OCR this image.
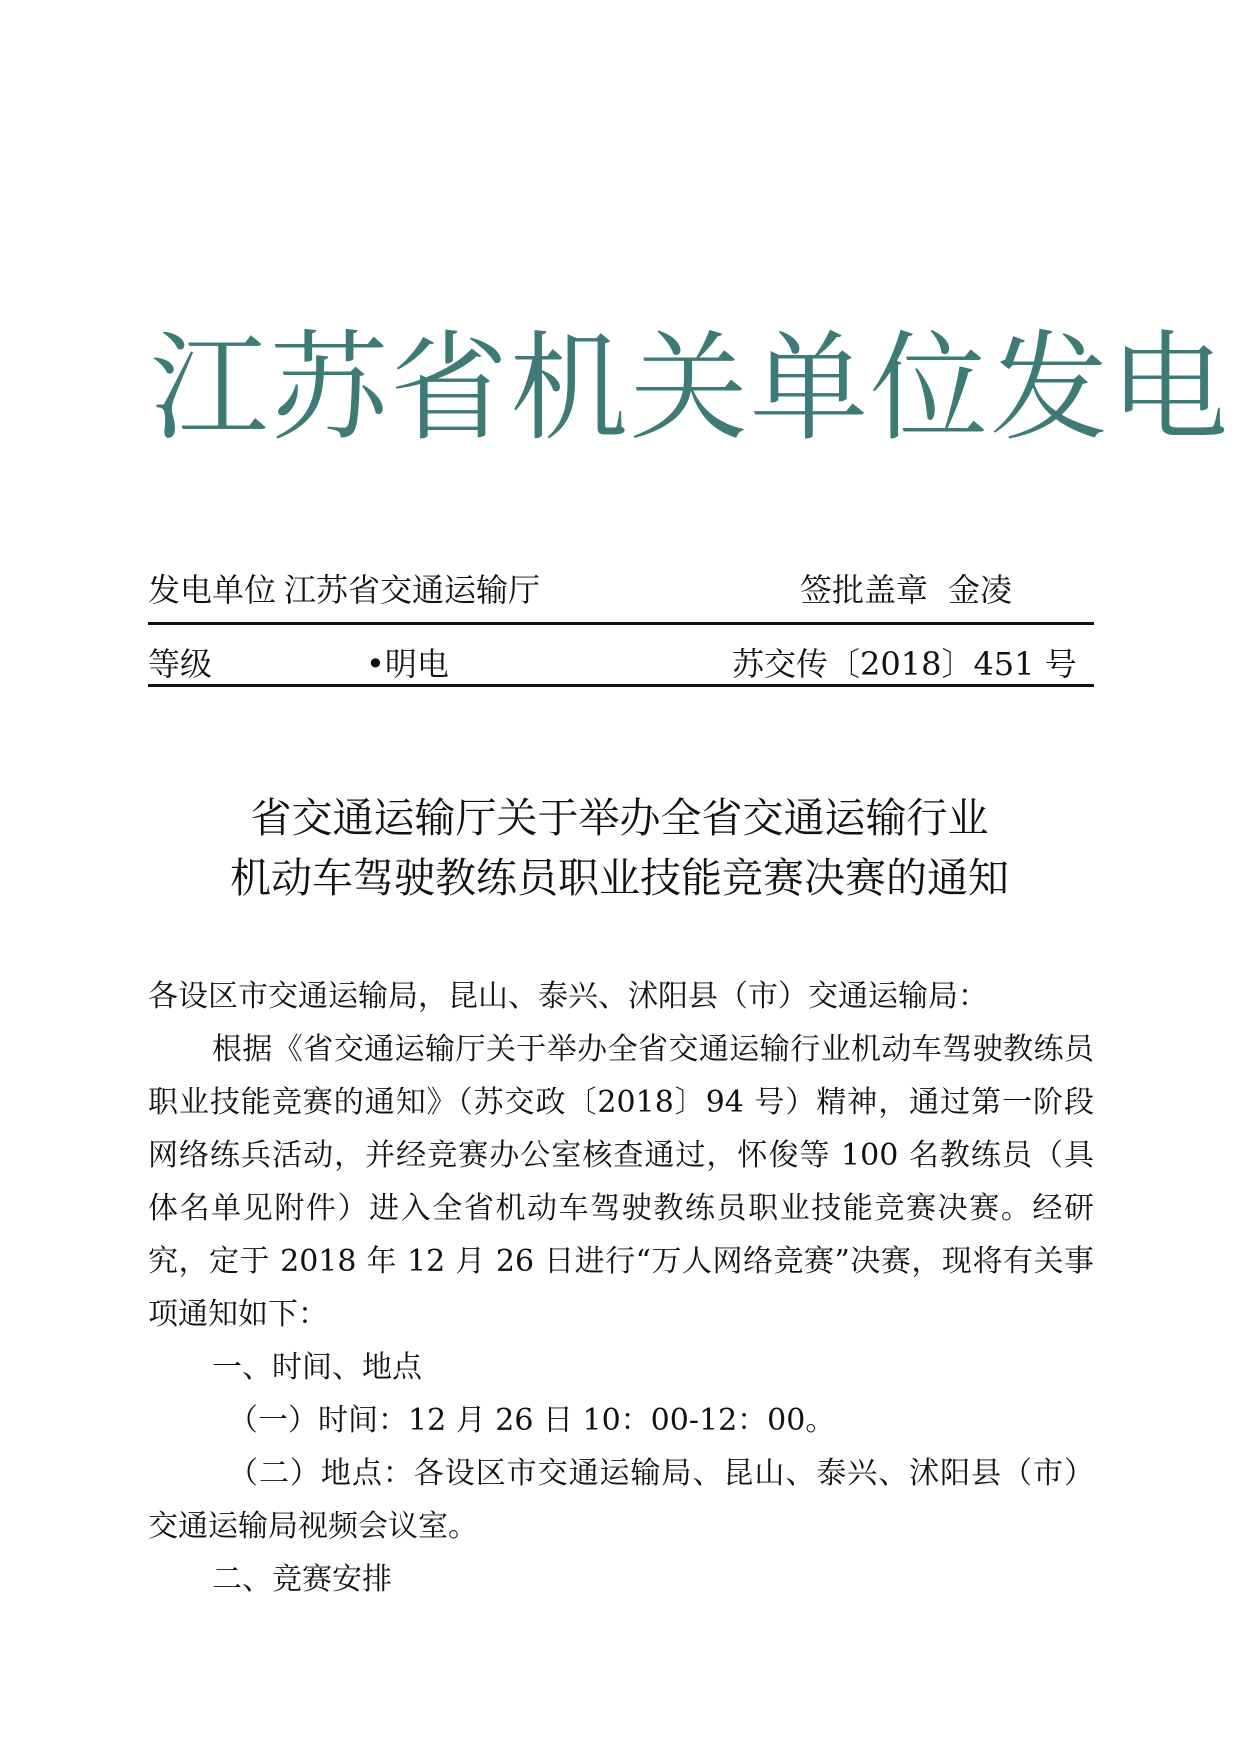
江苏省机关单位发电
发电单位 江苏省交通运输厅	签批盖章 金凌
等级	•明电	苏交传〔2018〕451 号
省交通运输厅关于举办全省交通运输行业
机动车驾驶教练员职业技能竞赛决赛的通知

各设区市交通运输局，昆山、泰兴、沭阳县（市）交通运输局：

根据《省交通运输厅关于举办全省交通运输行业机动车驾驶教练员职业技能竞赛的通知》（苏交政〔2018〕94 号）精神，通过第一阶段网络练兵活动，并经竞赛办公室核查通过，怀俊等 100 名教练员（具体名单见附件）进入全省机动车驾驶教练员职业技能竞赛决赛。经研究，定于 2018 年 12 月 26 日进行“万人网络竞赛”决赛，现将有关事项通知如下：

一、时间、地点

（一）时间：12 月 26 日 10：00-12：00。

（二）地点：各设区市交通运输局、昆山、泰兴、沭阳县（市）交通运输局视频会议室。

二、竞赛安排
